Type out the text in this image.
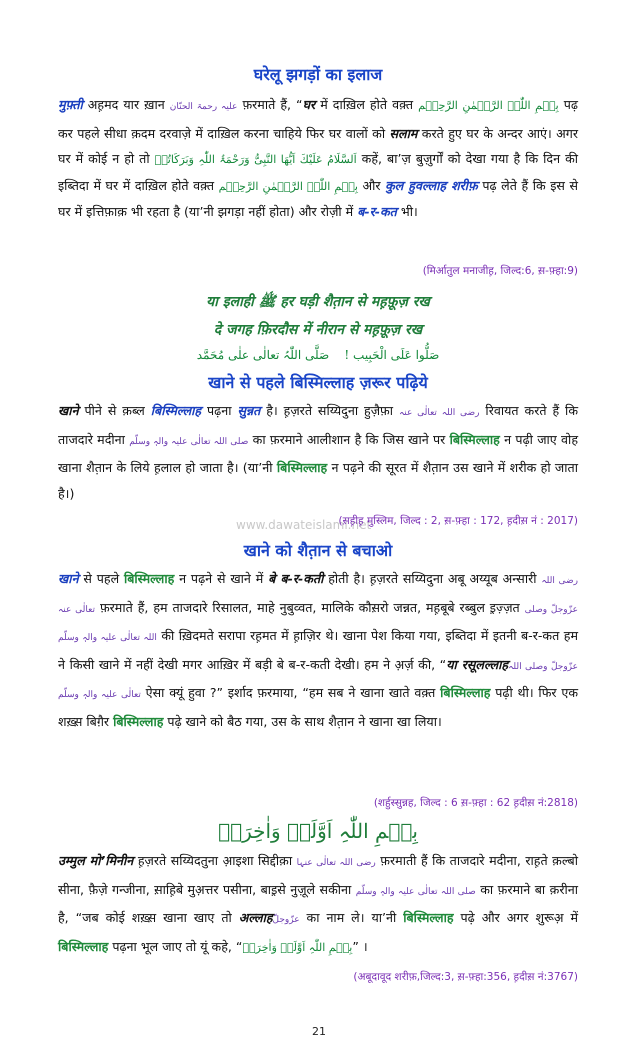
घरेलू झगड़ों का इलाज
मुफ़्ती अह़मद यार ख़ान علیہ رحمۃ الحنّان फ़रमाते हैं, “घर में दाख़िल होते वक़्त بِسۡمِ اللّٰہِ الرَّحۡمٰنِ الرَّحِیۡم पढ़ कर पहले सीधा क़दम दरवाज़े में दाख़िल करना चाहिये फिर घर वालों को सलाम करते हुए घर के अन्दर आएं। अगर घर में कोई न हो तो اَلسَّلَامُ عَلَیْكَ اَیُّھَا النَّبِیُّ وَرَحْمَۃُ اللّٰہِ وَبَرَكَاتُہٗ कहें, बा’ज़ बुज़ुर्गों को देखा गया है कि दिन की इब्तिदा में घर में दाख़िल होते वक़्त بِسۡمِ اللّٰہِ الرَّحۡمٰنِ الرَّحِیۡم और कुल हुवल्लाह शरीफ़ पढ़ लेते हैं कि इस से घर में इत्तिफ़ाक़ भी रहता है (या’नी झगड़ा नहीं होता) और रोज़ी में ब-र-कत भी।
(मिर्आतुल मनाजीह़, जिल्द:6, स़-फ़्हा:9)
या इलाही ﷺ हर घड़ी शैत़ान से मह़फ़ूज़ रख
दे जगह फ़िरदौस में नीरान से मह़फ़ूज़ रख
صَلُّوا عَلَی الْحَبِیب !    صَلَّی اللّٰہُ تعالٰی علٰی مُحَمَّد
खाने से पहले बिस्मिल्लाह ज़रूर पढ़िये
खाने पीने से क़ब्ल बिस्मिल्लाह पढ़ना सुन्नत है। ह़ज़रते सय्यिदुना हुज़ैफ़ा رضی اللہ تعالٰی عنہ रिवायत करते हैं कि ताजदारे मदीना صلی اللہ تعالٰی علیہ والہٖ وسلّم का फ़रमाने आलीशान है कि जिस खाने पर बिस्मिल्लाह न पढ़ी जाए वोह खाना शैत़ान के लिये ह़लाल हो जाता है। (या’नी बिस्मिल्लाह न पढ़ने की सूरत में शैत़ान उस खाने में शरीक हो जाता है।)
www.dawateislami.net
(स़ह़ीह़ मुस्लिम, जिल्द : 2, स़-फ़्हा : 172, ह़दीस़ नं : 2017)
खाने को शैत़ान से बचाओ
खाने से पहले बिस्मिल्लाह न पढ़ने से खाने में बे ब-र-कती होती है। ह़ज़रते सय्यिदुना अबू अय्यूब अन्सारी رضی اللہ تعالٰی عنہ फ़रमाते हैं, हम ताजदारे रिसालत, माहे नुबुव्वत, मालिके कौस़रो जन्नत, मह़बूबे रब्बुल इ़ज़्ज़त عزّوجلّ وصلی اللہ تعالٰی علیہ والہٖ وسلّم की ख़िदमते सरापा रह़मत में ह़ाज़िर थे। खाना पेश किया गया, इब्तिदा में इतनी ब-र-कत हम ने किसी खाने में नहीं देखी मगर आख़िर में बड़ी बे ब-र-कती देखी। हम ने अ़र्ज़ की, “या रसूलल्लाहعزّوجلّ وصلی اللہ تعالٰی علیہ والہٖ وسلّم ऐसा क्यूं हुवा ?” इर्शाद फ़रमाया, “हम सब ने खाना खाते वक़्त बिस्मिल्लाह पढ़ी थी। फिर एक शख़्स़ बिग़ैर बिस्मिल्लाह पढ़े खाने को बैठ गया, उस के साथ शैत़ान ने खाना खा लिया।
(शर्हुस्सुन्नह, जिल्द : 6 स़-फ़्हा : 62 ह़दीस़ नं:2818)
بِسۡمِ اللّٰہِ اَوَّلَہٗ وَاٰخِرَہٗ
उम्मुल मो’मिनीन ह़ज़रते सय्यिदतुना आ़इशा सिद्दीक़ा رضی اللہ تعالٰی عنہا फ़रमाती हैं कि ताजदारे मदीना, राह़ते क़ल्बो सीना, फ़ैज़े गन्जीना, स़ाह़िबे मुअ़त्तर पसीना, बाइ़से नुज़ूले सकीना صلی اللہ تعالٰی علیہ والہٖ وسلّم का फ़रमाने बा क़रीना है, “जब कोई शख़्स़ खाना खाए तो अल्लाहعزّوجلّ का नाम ले। या’नी बिस्मिल्लाह पढ़े और अगर शुरूअ़ में बिस्मिल्लाह पढ़ना भूल जाए तो यूं कहे, “بِسۡمِ اللّٰہِ اَوَّلَہٗ وَاٰخِرَہٗ” ।
(अबूदावूद शरीफ़,जिल्द:3, स़-फ़्हा:356, ह़दीस़ नं:3767)
21
